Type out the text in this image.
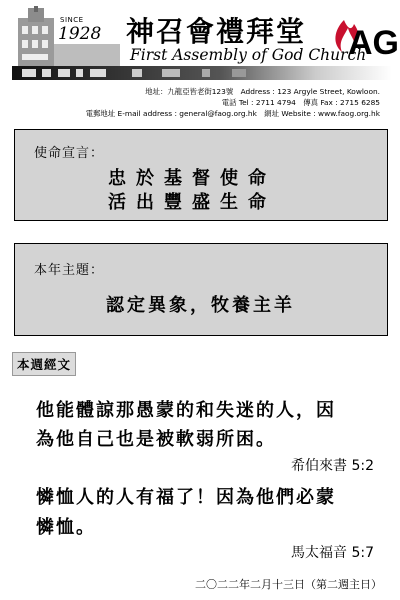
SINCE
1928 神召會禮拜堂
First Assembly of God Church
AG
地址：九龍亞皆老街123號　Address : 123 Argyle Street, Kowloon.
電話 Tel : 2711 4794　傳真 Fax : 2715 6285
電郵地址 E-mail address : general@faog.org.hk　網址 Website : www.faog.org.hk
使命宣言：
忠於基督使命
活出豐盛生命
本年主題：
認定異象，牧養主羊
本週經文
他能體諒那愚蒙的和失迷的人，因
為他自己也是被軟弱所困。
希伯來書 5:2
憐恤人的人有福了！因為他們必蒙
憐恤。
馬太福音 5:7
二〇二二年二月十三日（第二週主日）
